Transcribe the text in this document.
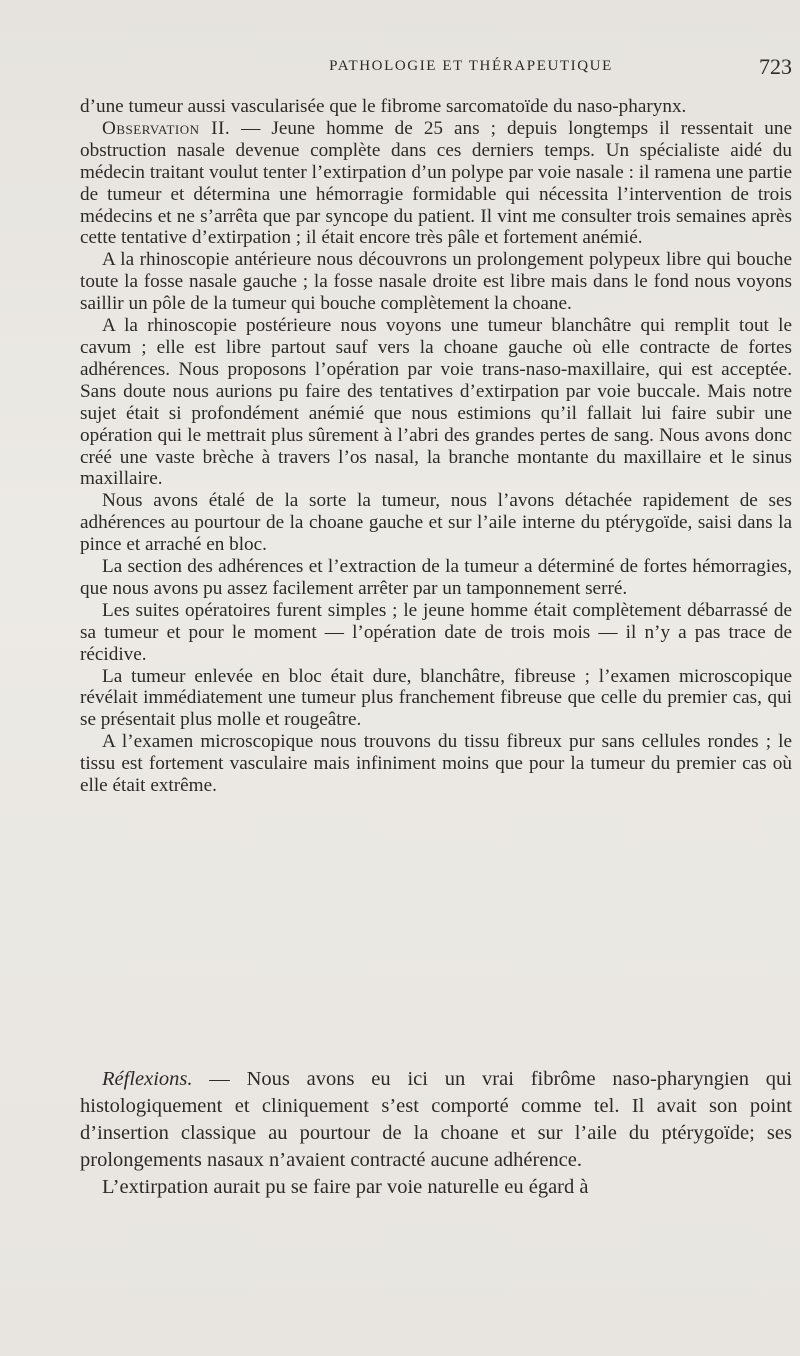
PATHOLOGIE ET THÉRAPEUTIQUE	723

d’une tumeur aussi vascularisée que le fibrome sarcomatoïde du naso-pharynx.

Observation II. — Jeune homme de 25 ans ; depuis longtemps il ressentait une obstruction nasale devenue complète dans ces derniers temps. Un spécialiste aidé du médecin traitant voulut tenter l’extirpation d’un polype par voie nasale : il ramena une partie de tumeur et détermina une hémorragie formidable qui nécessita l’intervention de trois médecins et ne s’arrêta que par syncope du patient. Il vint me consulter trois semaines après cette tentative d’extirpation ; il était encore très pâle et fortement anémié.

A la rhinoscopie antérieure nous découvrons un prolongement polypeux libre qui bouche toute la fosse nasale gauche ; la fosse nasale droite est libre mais dans le fond nous voyons saillir un pôle de la tumeur qui bouche complètement la choane.

A la rhinoscopie postérieure nous voyons une tumeur blanchâtre qui remplit tout le cavum ; elle est libre partout sauf vers la choane gauche où elle contracte de fortes adhérences. Nous proposons l’opération par voie trans-naso-maxillaire, qui est acceptée. Sans doute nous aurions pu faire des tentatives d’extirpation par voie buccale. Mais notre sujet était si profondément anémié que nous estimions qu’il fallait lui faire subir une opération qui le mettrait plus sûrement à l’abri des grandes pertes de sang. Nous avons donc créé une vaste brèche à travers l’os nasal, la branche montante du maxillaire et le sinus maxillaire.

Nous avons étalé de la sorte la tumeur, nous l’avons détachée rapidement de ses adhérences au pourtour de la choane gauche et sur l’aile interne du ptérygoïde, saisi dans la pince et arraché en bloc.

La section des adhérences et l’extraction de la tumeur a déterminé de fortes hémorragies, que nous avons pu assez facilement arrêter par un tamponnement serré.

Les suites opératoires furent simples ; le jeune homme était complètement débarrassé de sa tumeur et pour le moment — l’opération date de trois mois — il n’y a pas trace de récidive.

La tumeur enlevée en bloc était dure, blanchâtre, fibreuse ; l’examen microscopique révélait immédiatement une tumeur plus franchement fibreuse que celle du premier cas, qui se présentait plus molle et rougeâtre.

A l’examen microscopique nous trouvons du tissu fibreux pur sans cellules rondes ; le tissu est fortement vasculaire mais infiniment moins que pour la tumeur du premier cas où elle était extrême.

Réflexions. — Nous avons eu ici un vrai fibrôme naso-pharyngien qui histologiquement et cliniquement s’est comporté comme tel. Il avait son point d’insertion classique au pourtour de la choane et sur l’aile du ptérygoïde; ses prolongements nasaux n’avaient contracté aucune adhérence.

L’extirpation aurait pu se faire par voie naturelle eu égard à
